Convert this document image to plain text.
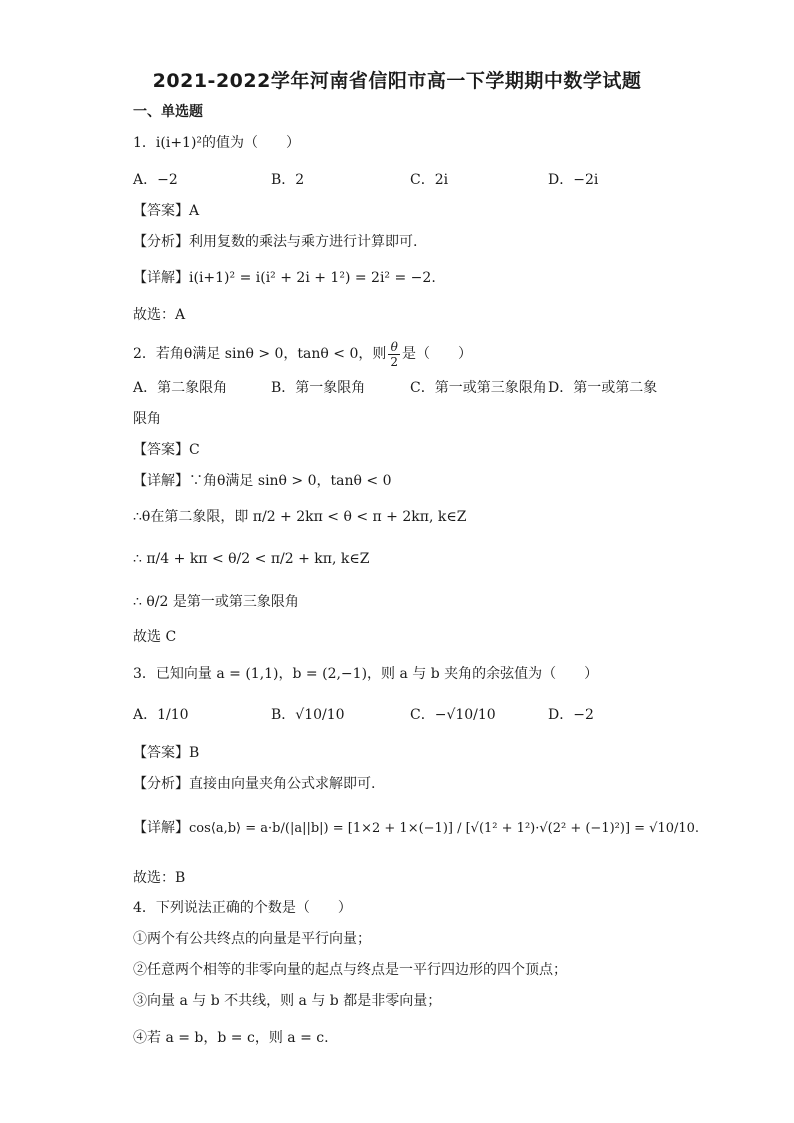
2021-2022学年河南省信阳市高一下学期期中数学试题
一、单选题
1．i(i+1)²的值为（　　）
A．−2	B．2	C．2i	D．−2i
【答案】A
【分析】利用复数的乘法与乘方进行计算即可.
【详解】i(i+1)² = i(i² + 2i + 1²) = 2i² = −2.
故选：A
2．若角θ满足 sinθ > 0，tanθ < 0，则 $\frac{\theta}{2}$ 是（　　）
A．第二象限角	B．第一象限角	C．第一或第三象限角 D．第一或第二象
限角
【答案】C
【详解】∵角θ满足 sinθ > 0，tanθ < 0
∴θ在第二象限，即 π/2 + 2kπ < θ < π + 2kπ, k∈Z
∴ π/4 + kπ < θ/2 < π/2 + kπ, k∈Z
∴ θ/2 是第一或第三象限角
故选 C
3．已知向量 a = (1,1)，b = (2,−1)，则 a 与 b 夹角的余弦值为（　　）
A．1/10	B．√10/10	C．−√10/10	D．−2
【答案】B
【分析】直接由向量夹角公式求解即可.
【详解】cos⟨a,b⟩ = a·b/(|a||b|) = [1×2 + 1×(−1)] / [√(1² + 1²)·√(2² + (−1)²)] = √10/10.
故选：B
4．下列说法正确的个数是（　　）
①两个有公共终点的向量是平行向量；
②任意两个相等的非零向量的起点与终点是一平行四边形的四个顶点；
③向量 a 与 b 不共线，则 a 与 b 都是非零向量；
④若 a = b，b = c，则 a = c.
